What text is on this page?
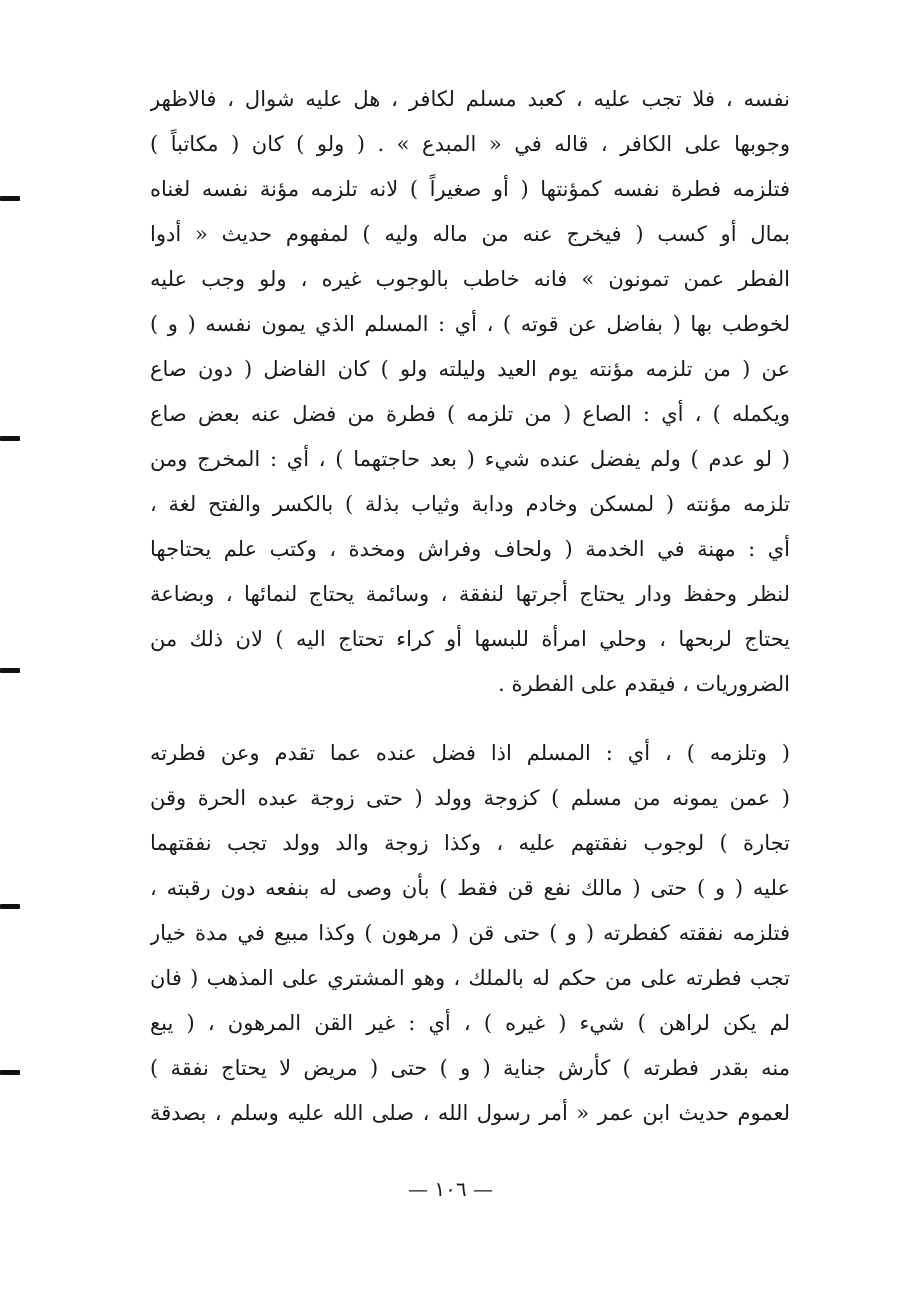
نفسه ، فلا تجب عليه ، كعبد مسلم لكافر ، هل عليه شوال ، فالاظهر
وجوبها على الكافر ، قاله في « المبدع » . ( ولو ) كان ( مكاتباً )
فتلزمه فطرة نفسه كمؤنتها ( أو صغيراً ) لانه تلزمه مؤنة نفسه لغناه
بمال أو كسب ( فيخرج عنه من ماله وليه ) لمفهوم حديث « أدوا
الفطر عمن تمونون » فانه خاطب بالوجوب غيره ، ولو وجب عليه
لخوطب بها ( بفاضل عن قوته ) ، أي : المسلم الذي يمون نفسه ( و )
عن ( من تلزمه مؤنته يوم العيد وليلته ولو ) كان الفاضل ( دون صاع
ويكمله ) ، أي : الصاع ( من تلزمه ) فطرة من فضل عنه بعض صاع
( لو عدم ) ولم يفضل عنده شيء ( بعد حاجتهما ) ، أي : المخرج ومن
تلزمه مؤنته ( لمسكن وخادم ودابة وثياب بذلة ) بالكسر والفتح لغة ،
أي : مهنة في الخدمة ( ولحاف وفراش ومخدة ، وكتب علم يحتاجها
لنظر وحفظ ودار يحتاج أجرتها لنفقة ، وسائمة يحتاج لنمائها ، وبضاعة
يحتاج لربحها ، وحلي امرأة للبسها أو كراء تحتاج اليه ) لان ذلك من
الضروريات ، فيقدم على الفطرة .
( وتلزمه ) ، أي : المسلم اذا فضل عنده عما تقدم وعن فطرته
( عمن يمونه من مسلم ) كزوجة وولد ( حتى زوجة عبده الحرة وقن
تجارة ) لوجوب نفقتهم عليه ، وكذا زوجة والد وولد تجب نفقتهما
عليه ( و ) حتى ( مالك نفع قن فقط ) بأن وصى له بنفعه دون رقبته ،
فتلزمه نفقته كفطرته ( و ) حتى قن ( مرهون ) وكذا مبيع في مدة خيار
تجب فطرته على من حكم له بالملك ، وهو المشتري على المذهب ( فان
لم يكن لراهن ) شيء ( غيره ) ، أي : غير القن المرهون ، ( يبع
منه بقدر فطرته ) كأرش جناية ( و ) حتى ( مريض لا يحتاج نفقة )
لعموم حديث ابن عمر « أمر رسول الله ، صلى الله عليه وسلم ، بصدقة
— ١٠٦ —
